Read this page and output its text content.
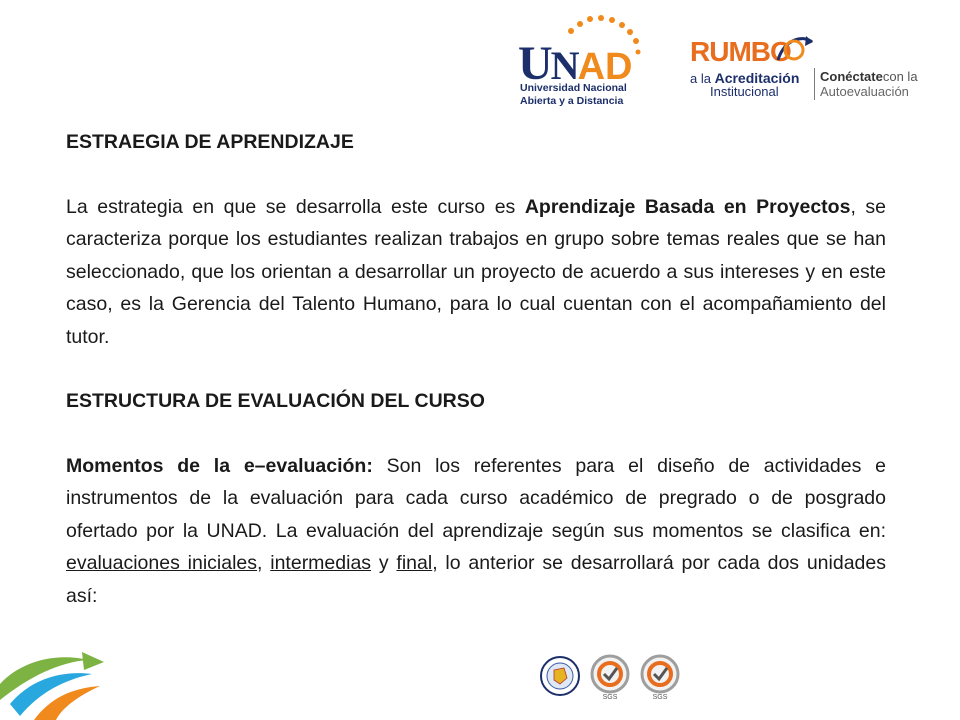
UNAD
Universidad Nacional
Abierta y a Distancia
RUMBO
a la Acreditación
Institucional
Conéctatecon la
Autoevaluación

ESTRAEGIA DE APRENDIZAJE

La estrategia en que se desarrolla este curso es Aprendizaje Basada en Proyectos, se caracteriza porque los estudiantes realizan trabajos en grupo sobre temas reales que se han seleccionado, que los orientan a desarrollar un proyecto de acuerdo a sus intereses y en este caso, es la Gerencia del Talento Humano, para lo cual cuentan con el acompañamiento del tutor.

ESTRUCTURA DE EVALUACIÓN DEL CURSO

Momentos de la e–evaluación: Son los referentes para el diseño de actividades e instrumentos de la evaluación para cada curso académico de pregrado o de posgrado ofertado por la UNAD. La evaluación del aprendizaje según sus momentos se clasifica en: evaluaciones iniciales, intermedias y final, lo anterior se desarrollará por cada dos unidades así:

SGS	SGS
